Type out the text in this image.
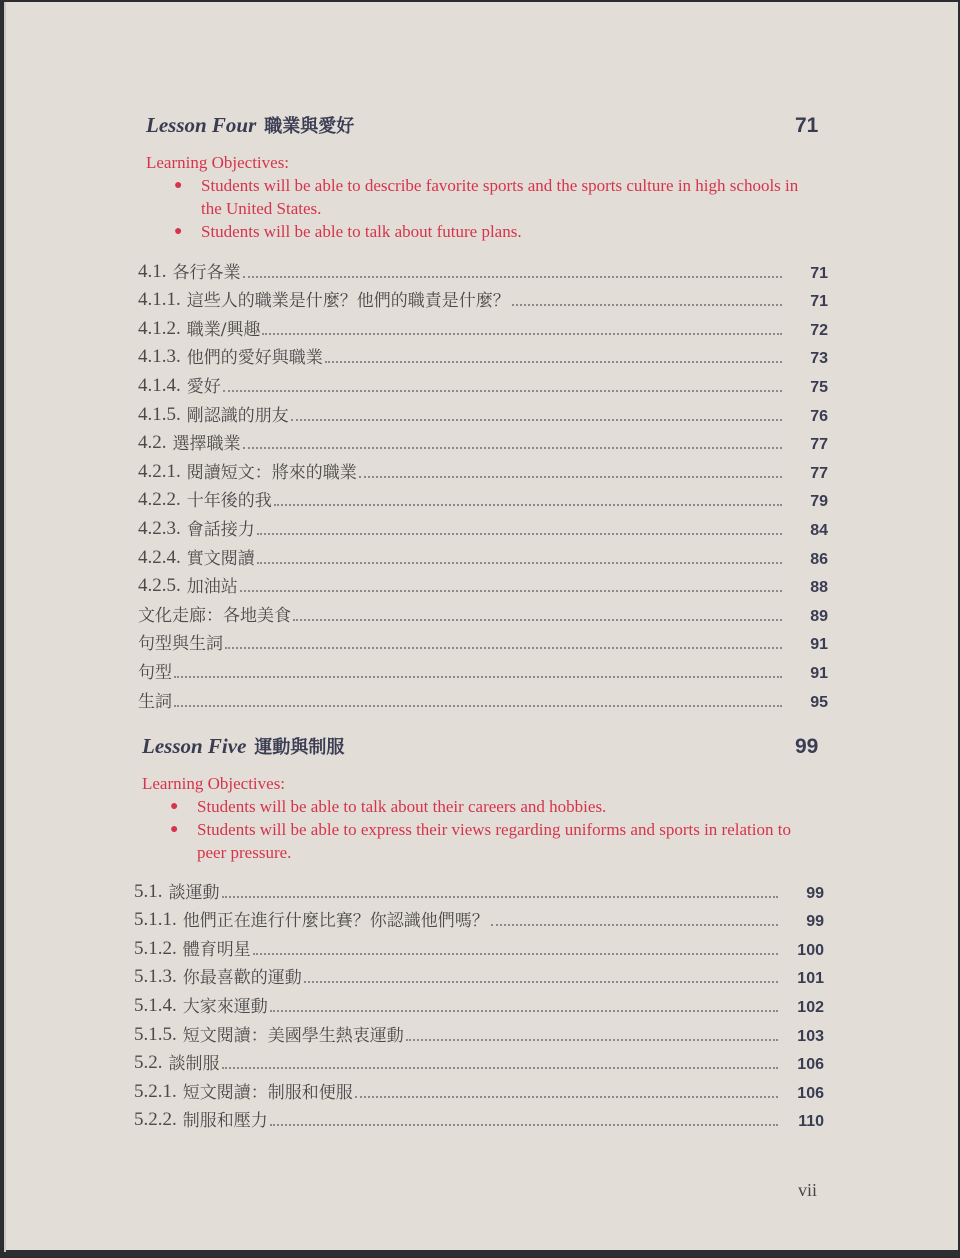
Lesson Four 職業與愛好	71
Learning Objectives:
● Students will be able to describe favorite sports and the sports culture in high schools in the United States.
● Students will be able to talk about future plans.
4.1. 各行各業	71
4.1.1. 這些人的職業是什麼？他們的職責是什麼？	71
4.1.2. 職業/興趣	72
4.1.3. 他們的愛好與職業	73
4.1.4. 愛好	75
4.1.5. 剛認識的朋友	76
4.2. 選擇職業	77
4.2.1. 閱讀短文：將來的職業	77
4.2.2. 十年後的我	79
4.2.3. 會話接力	84
4.2.4. 實文閱讀	86
4.2.5. 加油站	88
文化走廊：各地美食	89
句型與生詞	91
句型	91
生詞	95
Lesson Five 運動與制服	99
Learning Objectives:
● Students will be able to talk about their careers and hobbies.
● Students will be able to express their views regarding uniforms and sports in relation to peer pressure.
5.1. 談運動	99
5.1.1. 他們正在進行什麼比賽？你認識他們嗎？	99
5.1.2. 體育明星	100
5.1.3. 你最喜歡的運動	101
5.1.4. 大家來運動	102
5.1.5. 短文閱讀：美國學生熱衷運動	103
5.2. 談制服	106
5.2.1. 短文閱讀：制服和便服	106
5.2.2. 制服和壓力	110
vii
